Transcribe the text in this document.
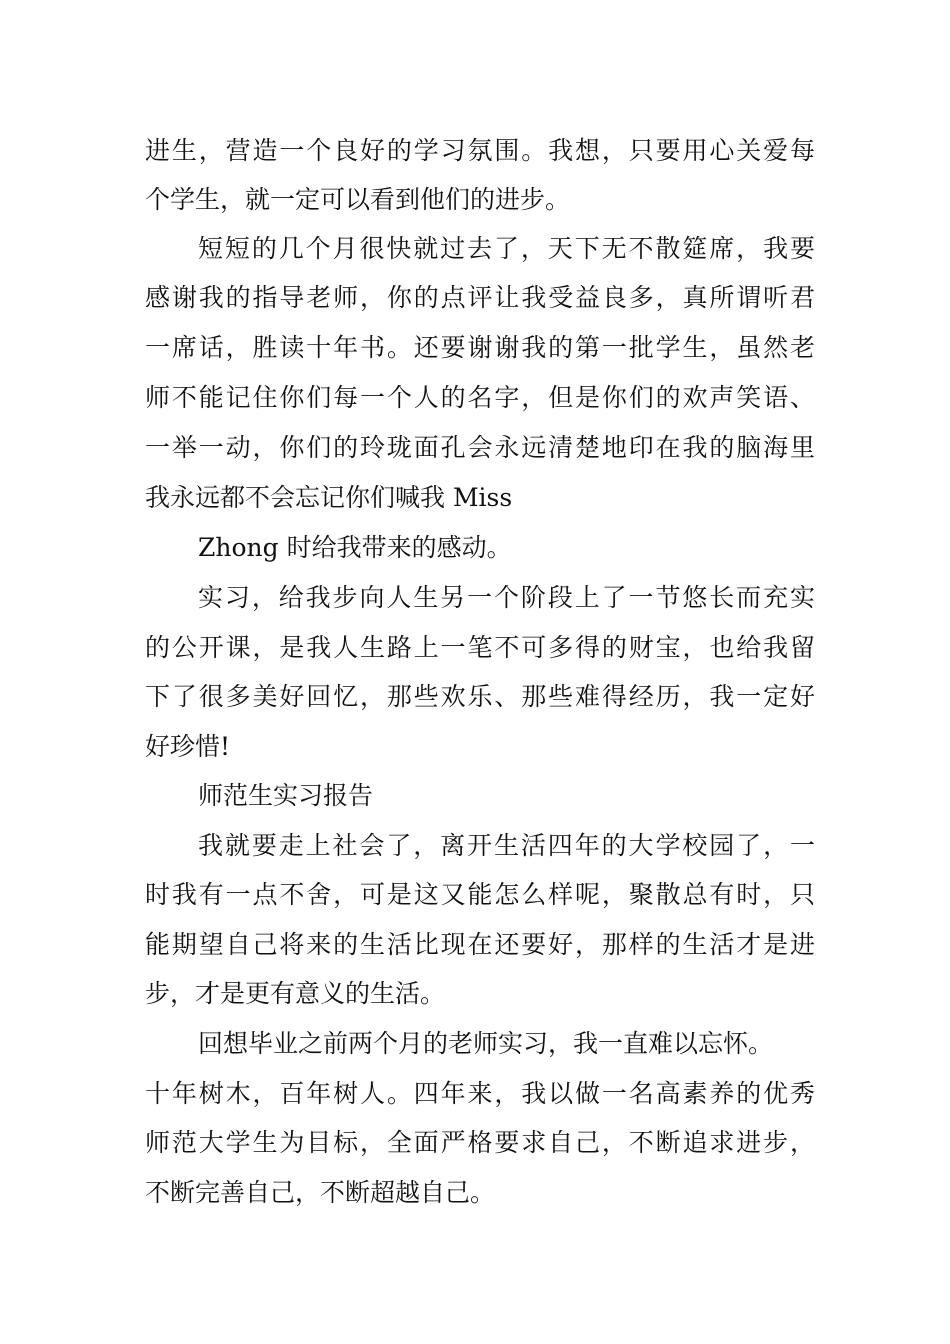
进生，营造一个良好的学习氛围。我想，只要用心关爱每

个学生，就一定可以看到他们的进步。

短短的几个月很快就过去了，天下无不散筵席，我要

感谢我的指导老师，你的点评让我受益良多，真所谓听君

一席话，胜读十年书。还要谢谢我的第一批学生，虽然老

师不能记住你们每一个人的名字，但是你们的欢声笑语、

一举一动，你们的玲珑面孔会永远清楚地印在我的脑海里

我永远都不会忘记你们喊我 Miss

Zhong 时给我带来的感动。

实习，给我步向人生另一个阶段上了一节悠长而充实

的公开课，是我人生路上一笔不可多得的财宝，也给我留

下了很多美好回忆，那些欢乐、那些难得经历，我一定好

好珍惜!

师范生实习报告

我就要走上社会了，离开生活四年的大学校园了，一

时我有一点不舍，可是这又能怎么样呢，聚散总有时，只

能期望自己将来的生活比现在还要好，那样的生活才是进

步，才是更有意义的生活。

回想毕业之前两个月的老师实习，我一直难以忘怀。

十年树木，百年树人。四年来，我以做一名高素养的优秀

师范大学生为目标，全面严格要求自己，不断追求进步，

不断完善自己，不断超越自己。
